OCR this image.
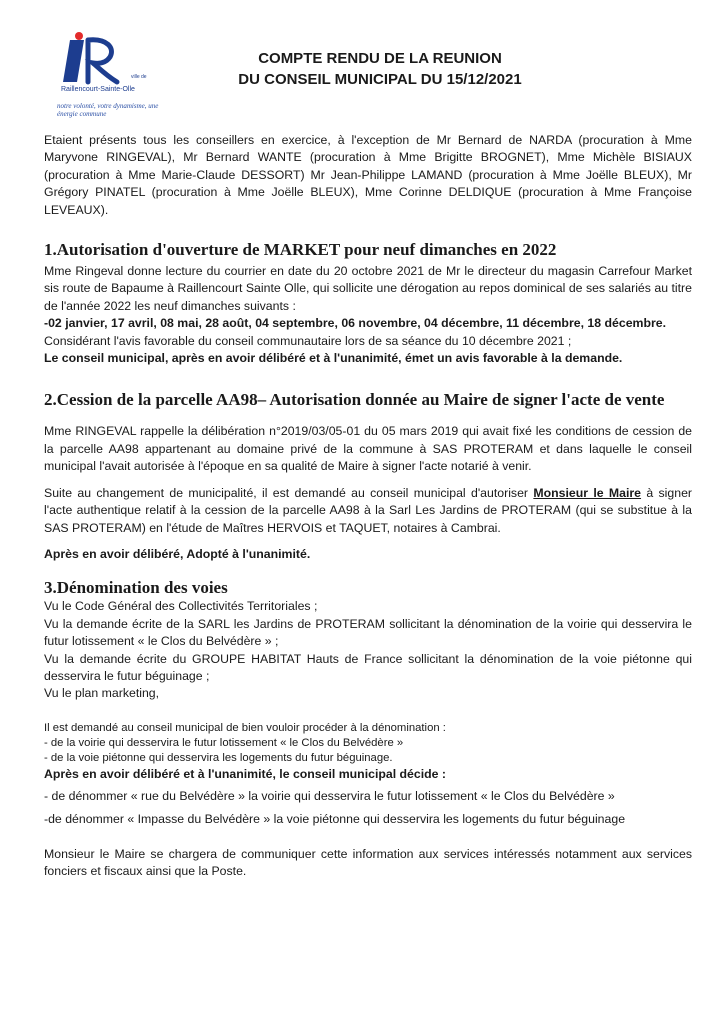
ville de
Raillencourt-Sainte-Olle
notre volonté, votre dynamisme, une énergie commune
COMPTE RENDU DE LA REUNION
DU CONSEIL MUNICIPAL DU 15/12/2021

Etaient présents tous les conseillers en exercice, à l'exception de Mr Bernard de NARDA (procuration à Mme Maryvone RINGEVAL), Mr Bernard WANTE (procuration à Mme Brigitte BROGNET), Mme Michèle BISIAUX (procuration à Mme Marie-Claude DESSORT) Mr Jean-Philippe LAMAND (procuration à Mme Joëlle BLEUX), Mr Grégory PINATEL (procuration à Mme Joëlle BLEUX), Mme Corinne DELDIQUE (procuration à Mme Françoise LEVEAUX).

1.Autorisation d'ouverture de MARKET pour neuf dimanches en 2022

Mme Ringeval donne lecture du courrier en date du 20 octobre 2021 de Mr le directeur du magasin Carrefour Market sis route de Bapaume à Raillencourt Sainte Olle, qui sollicite une dérogation au repos dominical de ses salariés au titre de l'année 2022 les neuf dimanches suivants :

-02 janvier, 17 avril, 08 mai, 28 août, 04 septembre, 06 novembre, 04 décembre, 11 décembre, 18 décembre.

Considérant l'avis favorable du conseil communautaire lors de sa séance du 10 décembre 2021 ;

Le conseil municipal, après en avoir délibéré et à l'unanimité, émet un avis favorable à la demande.

2.Cession de la parcelle AA98– Autorisation donnée au Maire de signer l'acte de vente

Mme RINGEVAL rappelle la délibération n°2019/03/05-01 du 05 mars 2019 qui avait fixé les conditions de cession de la parcelle AA98 appartenant au domaine privé de la commune à SAS PROTERAM et dans laquelle le conseil municipal l'avait autorisée à l'époque en sa qualité de Maire à signer l'acte notarié à venir.

Suite au changement de municipalité, il est demandé au conseil municipal d'autoriser Monsieur le Maire à signer l'acte authentique relatif à la cession de la parcelle AA98 à la Sarl Les Jardins de PROTERAM (qui se substitue à la SAS PROTERAM) en l'étude de Maîtres HERVOIS et TAQUET, notaires à Cambrai.

Après en avoir délibéré, Adopté à l'unanimité.

3.Dénomination des voies

Vu le Code Général des Collectivités Territoriales ;

Vu la demande écrite de la SARL les Jardins de PROTERAM sollicitant la dénomination de la voirie qui desservira le futur lotissement « le Clos du Belvédère » ;

Vu la demande écrite du GROUPE HABITAT Hauts de France sollicitant la dénomination de la voie piétonne qui desservira le futur béguinage ;

Vu le plan marketing,

Il est demandé au conseil municipal de bien vouloir procéder à la dénomination :

- de la voirie qui desservira le futur lotissement « le Clos du Belvédère »

- de la voie piétonne qui desservira les logements du futur béguinage.

Après en avoir délibéré et à l'unanimité, le conseil municipal décide :

- de dénommer « rue du Belvédère » la voirie qui desservira le futur lotissement « le Clos du Belvédère »

-de dénommer « Impasse du Belvédère » la voie piétonne qui desservira les logements du futur béguinage

Monsieur le Maire se chargera de communiquer cette information aux services intéressés notamment aux services fonciers et fiscaux ainsi que la Poste.
